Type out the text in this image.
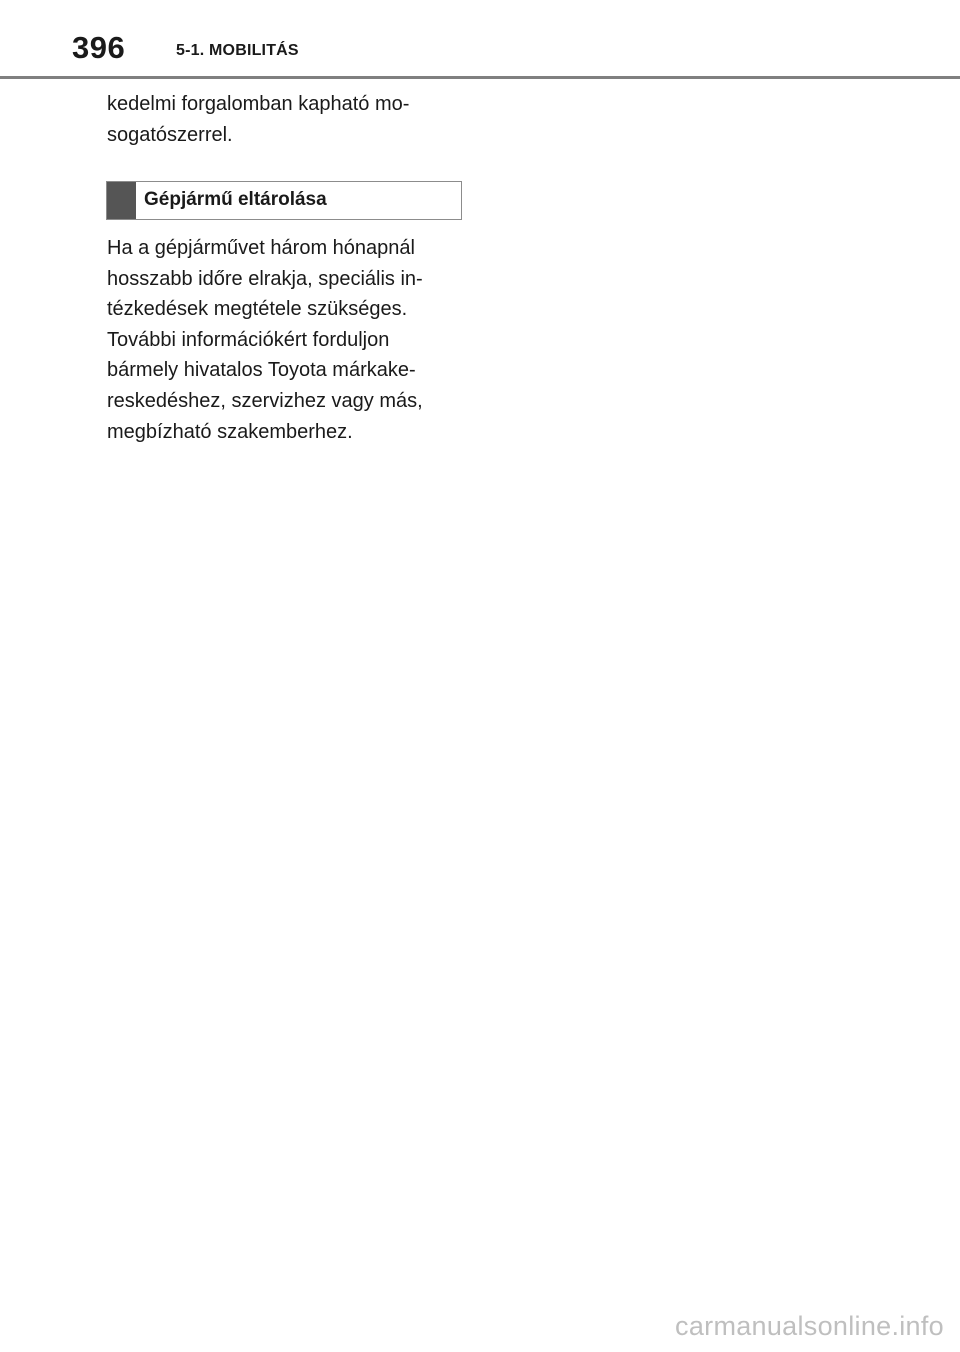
396	5-1. MOBILITÁS
kedelmi forgalomban kapható mo-
sogatószerrel.
Gépjármű eltárolása
Ha a gépjárművet három hónapnál
hosszabb időre elrakja, speciális in-
tézkedések megtétele szükséges.
További információkért forduljon
bármely hivatalos Toyota márkake-
reskedéshez, szervizhez vagy más,
megbízható szakemberhez.
carmanualsonline.info
